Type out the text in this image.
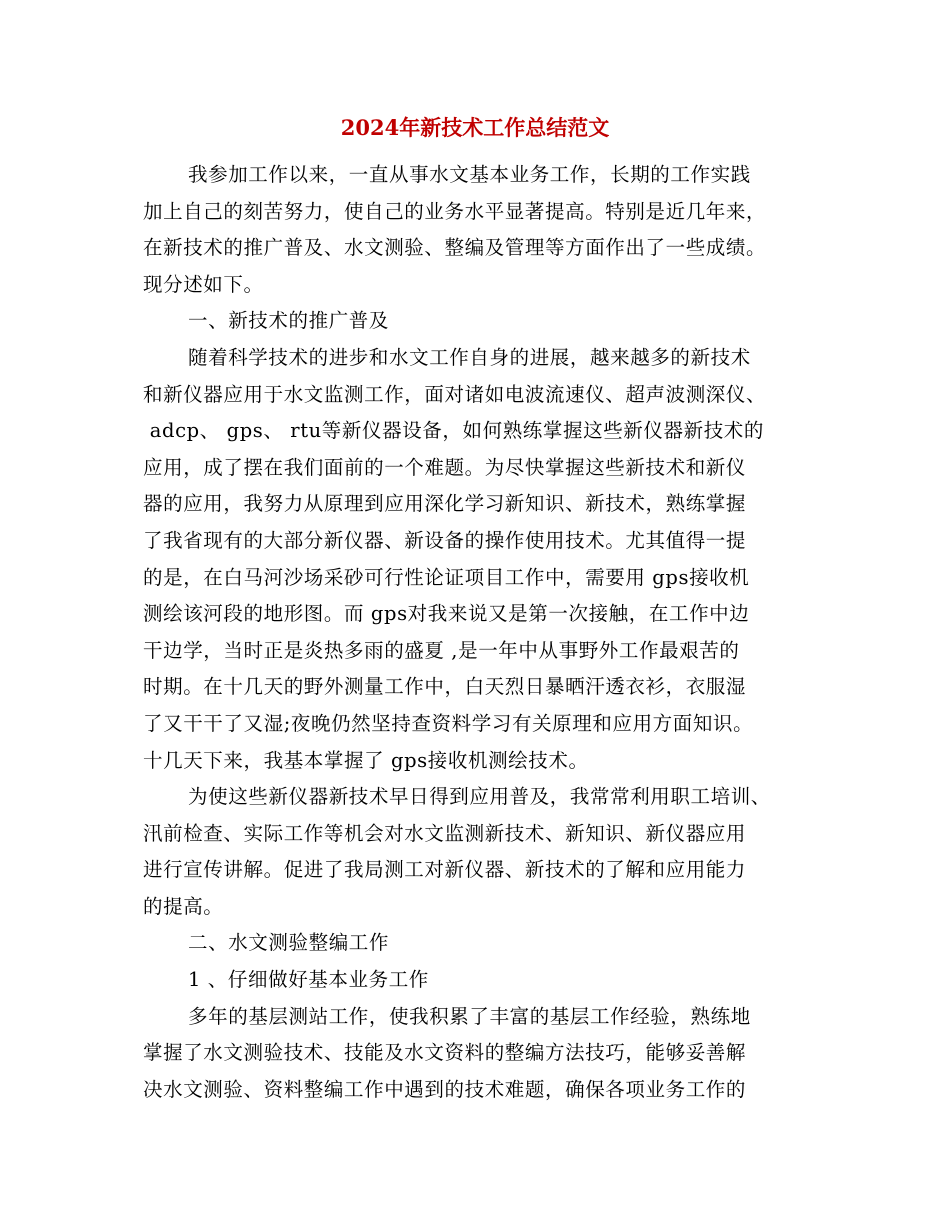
2024年新技术工作总结范文
我参加工作以来，一直从事水文基本业务工作，长期的工作实践
加上自己的刻苦努力，使自己的业务水平显著提高。特别是近几年来，
在新技术的推广普及、水文测验、整编及管理等方面作出了一些成绩。
现分述如下。
一、新技术的推广普及
随着科学技术的进步和水文工作自身的进展，越来越多的新技术
和新仪器应用于水文监测工作，面对诸如电波流速仪、超声波测深仪、
adcp、 gps、 rtu等新仪器设备，如何熟练掌握这些新仪器新技术的
应用，成了摆在我们面前的一个难题。为尽快掌握这些新技术和新仪
器的应用，我努力从原理到应用深化学习新知识、新技术，熟练掌握
了我省现有的大部分新仪器、新设备的操作使用技术。尤其值得一提
的是，在白马河沙场采砂可行性论证项目工作中，需要用 gps接收机
测绘该河段的地形图。而 gps对我来说又是第一次接触，在工作中边
干边学，当时正是炎热多雨的盛夏 ,是一年中从事野外工作最艰苦的
时期。在十几天的野外测量工作中，白天烈日暴晒汗透衣衫，衣服湿
了又干干了又湿;夜晚仍然坚持查资料学习有关原理和应用方面知识。
十几天下来，我基本掌握了 gps接收机测绘技术。
为使这些新仪器新技术早日得到应用普及，我常常利用职工培训、
汛前检查、实际工作等机会对水文监测新技术、新知识、新仪器应用
进行宣传讲解。促进了我局测工对新仪器、新技术的了解和应用能力
的提高。
二、水文测验整编工作
1 、仔细做好基本业务工作
多年的基层测站工作，使我积累了丰富的基层工作经验，熟练地
掌握了水文测验技术、技能及水文资料的整编方法技巧，能够妥善解
决水文测验、资料整编工作中遇到的技术难题，确保各项业务工作的
